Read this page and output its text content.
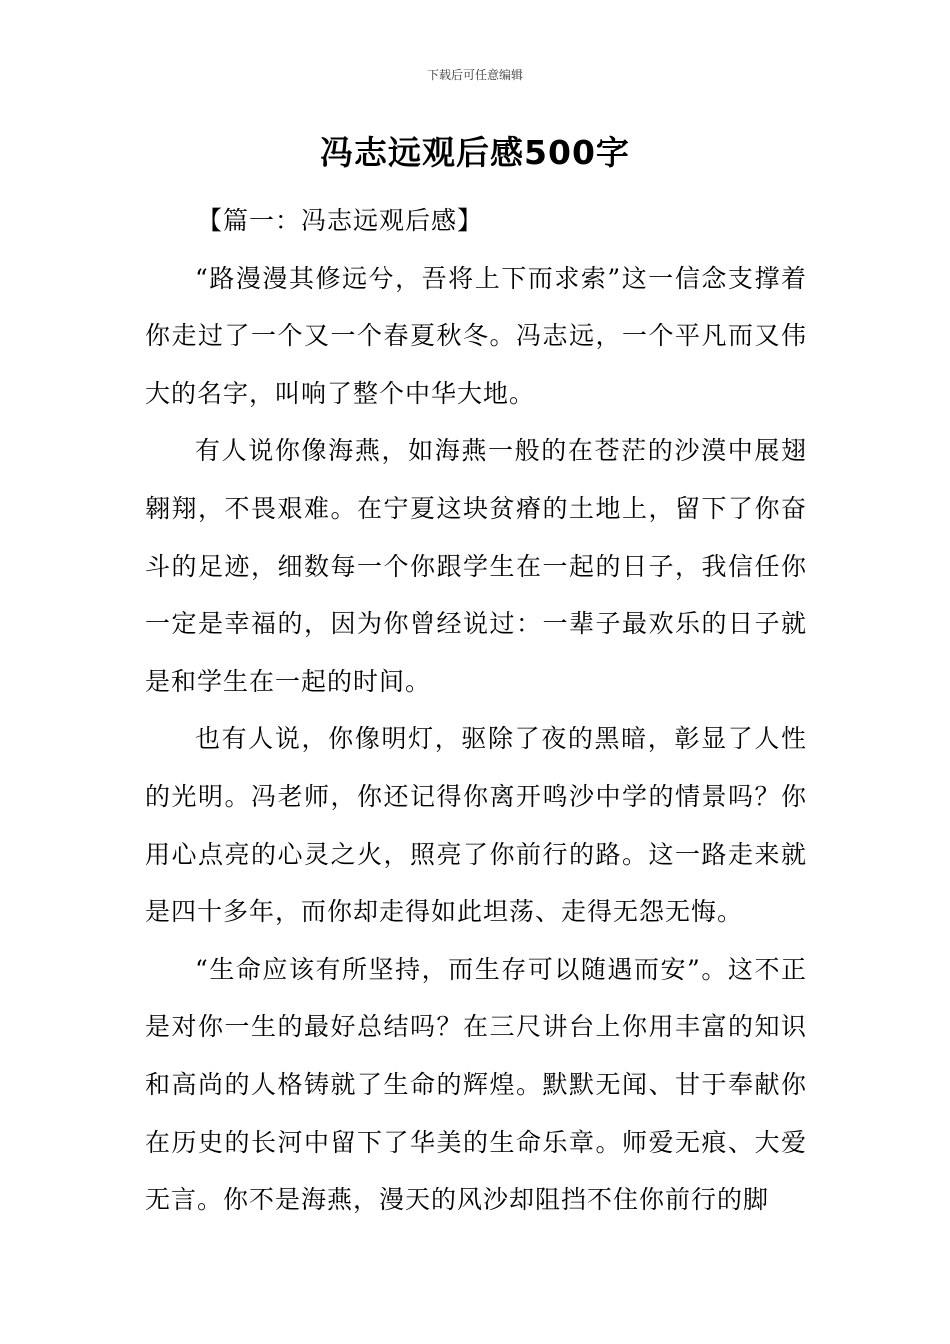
下载后可任意编辑
冯志远观后感500字

【篇一：冯志远观后感】

“路漫漫其修远兮，吾将上下而求索”这一信念支撑着你走过了一个又一个春夏秋冬。冯志远，一个平凡而又伟大的名字，叫响了整个中华大地。

有人说你像海燕，如海燕一般的在苍茫的沙漠中展翅翱翔，不畏艰难。在宁夏这块贫瘠的土地上，留下了你奋斗的足迹，细数每一个你跟学生在一起的日子，我信任你一定是幸福的，因为你曾经说过：一辈子最欢乐的日子就是和学生在一起的时间。

也有人说，你像明灯，驱除了夜的黑暗，彰显了人性的光明。冯老师，你还记得你离开鸣沙中学的情景吗？你用心点亮的心灵之火，照亮了你前行的路。这一路走来就是四十多年，而你却走得如此坦荡、走得无怨无悔。

“生命应该有所坚持，而生存可以随遇而安”。这不正是对你一生的最好总结吗？在三尺讲台上你用丰富的知识和高尚的人格铸就了生命的辉煌。默默无闻、甘于奉献你在历史的长河中留下了华美的生命乐章。师爱无痕、大爱无言。你不是海燕，漫天的风沙却阻挡不住你前行的脚
